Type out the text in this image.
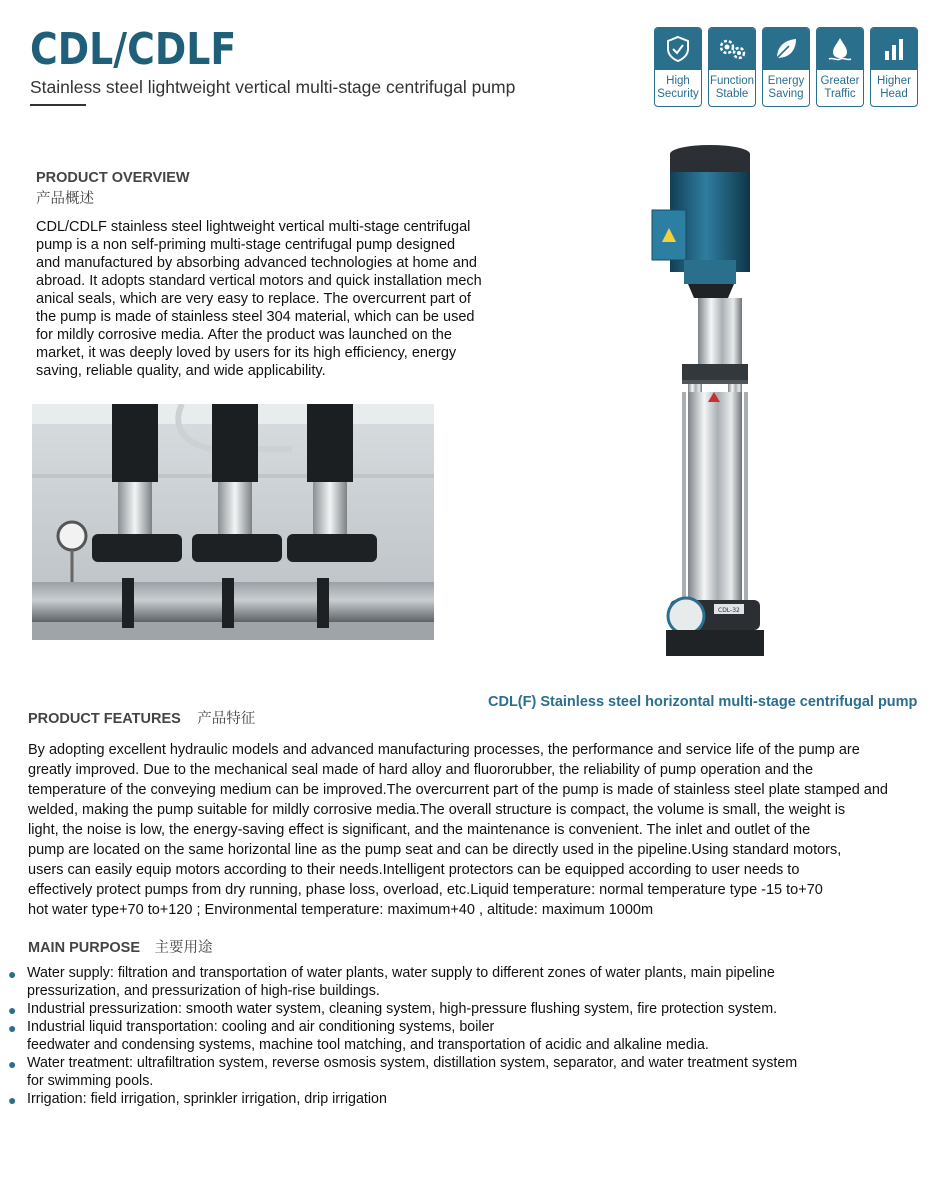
CDL/CDLF
Stainless steel lightweight vertical multi-stage centrifugal pump	High
Security
Function
Stable
Energy
Saving
Greater
Traffic
Higher
Head
PRODUCT OVERVIEW
产品概述
CDL/CDLF stainless steel lightweight vertical multi-stage centrifugal
pump is a non self-priming multi-stage centrifugal pump designed
and manufactured by absorbing advanced technologies at home and
abroad. It adopts standard vertical motors and quick installation mech
anical seals, which are very easy to replace. The overcurrent part of
the pump is made of stainless steel 304 material, which can be used
for mildly corrosive media. After the product was launched on the
market, it was deeply loved by users for its high efficiency, energy
saving, reliable quality, and wide applicability.
CDL-32
CDL(F) Stainless steel horizontal multi-stage centrifugal pump
PRODUCT FEATURES 产品特征
By adopting excellent hydraulic models and advanced manufacturing processes, the performance and service life of the pump are
greatly improved. Due to the mechanical seal made of hard alloy and fluororubber, the reliability of pump operation and the
temperature of the conveying medium can be improved.The overcurrent part of the pump is made of stainless steel plate stamped and
welded, making the pump suitable for mildly corrosive media.The overall structure is compact, the volume is small, the weight is
light, the noise is low, the energy-saving effect is significant, and the maintenance is convenient. The inlet and outlet of the
pump are located on the same horizontal line as the pump seat and can be directly used in the pipeline.Using standard motors,
users can easily equip motors according to their needs.Intelligent protectors can be equipped according to user needs to
effectively protect pumps from dry running, phase loss, overload, etc.Liquid temperature: normal temperature type -15 to+70
hot water type+70 to+120 ; Environmental temperature: maximum+40 , altitude: maximum 1000m
MAIN PURPOSE 主要用途
● Water supply: filtration and transportation of water plants, water supply to different zones of water plants, main pipeline
pressurization, and pressurization of high-rise buildings.
● Industrial pressurization: smooth water system, cleaning system, high-pressure flushing system, fire protection system.
● Industrial liquid transportation: cooling and air conditioning systems, boiler
feedwater and condensing systems, machine tool matching, and transportation of acidic and alkaline media.
● Water treatment: ultrafiltration system, reverse osmosis system, distillation system, separator, and water treatment system
for swimming pools.
● Irrigation: field irrigation, sprinkler irrigation, drip irrigation
